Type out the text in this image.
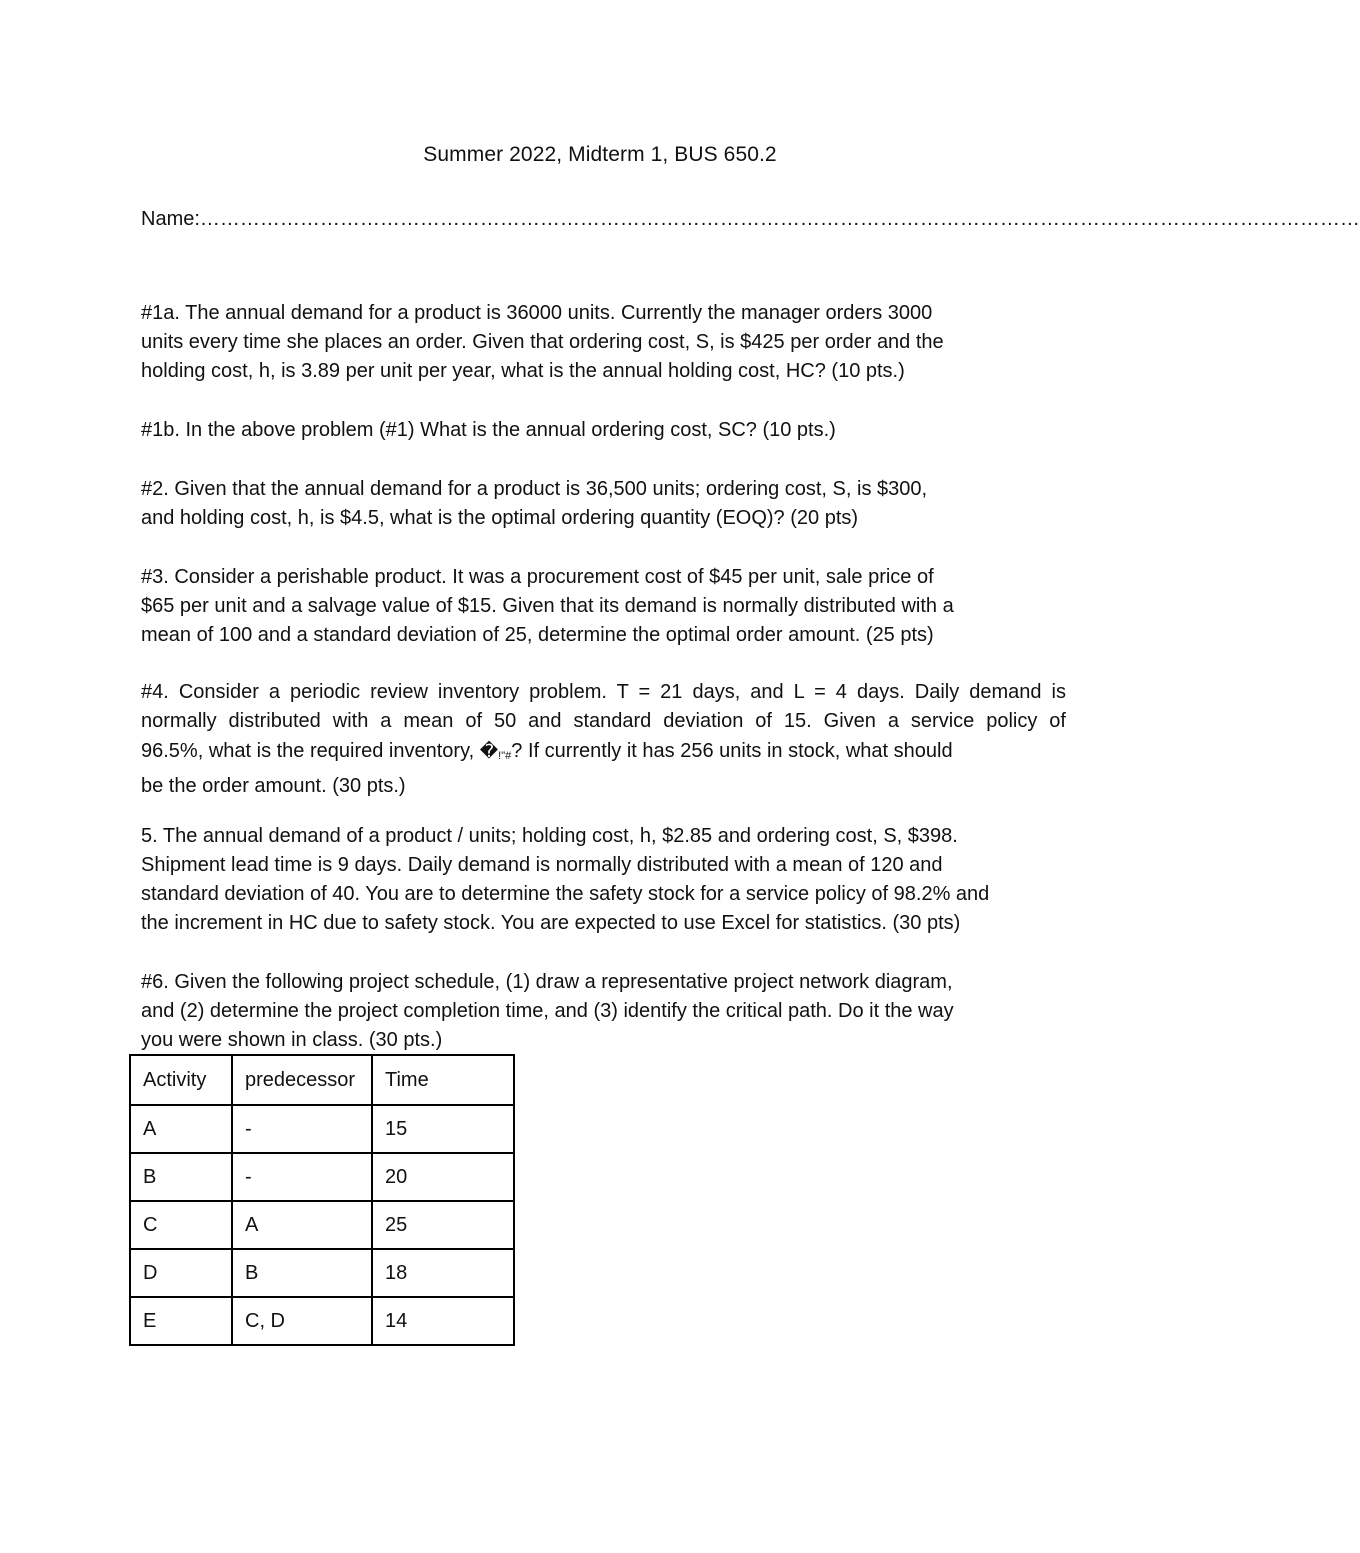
Summer 2022, Midterm 1, BUS 650.2
Name:…………………………………………………………………………………………………………………………………………………………
#1a. The annual demand for a product is 36000 units. Currently the manager orders 3000
units every time she places an order. Given that ordering cost, S, is $425 per order and the
holding cost, h, is 3.89 per unit per year, what is the annual holding cost, HC? (10 pts.)
#1b. In the above problem (#1) What is the annual ordering cost, SC? (10 pts.)
#2. Given that the annual demand for a product is 36,500 units; ordering cost, S, is $300,
and holding cost, h, is $4.5, what is the optimal ordering quantity (EOQ)? (20 pts)
#3. Consider a perishable product. It was a procurement cost of $45 per unit, sale price of
$65 per unit and a salvage value of $15. Given that its demand is normally distributed with a
mean of 100 and a standard deviation of 25, determine the optimal order amount. (25 pts)
#4. Consider a periodic review inventory problem. T = 21 days, and L = 4 days. Daily demand is
normally distributed with a mean of 50 and standard deviation of 15. Given a service policy of
96.5%, what is the required inventory, �!"#? If currently it has 256 units in stock, what should
be the order amount. (30 pts.)
5. The annual demand of a product / units; holding cost, h, $2.85 and ordering cost, S, $398.
Shipment lead time is 9 days. Daily demand is normally distributed with a mean of 120 and
standard deviation of 40. You are to determine the safety stock for a service policy of 98.2% and
the increment in HC due to safety stock. You are expected to use Excel for statistics. (30 pts)
#6. Given the following project schedule, (1) draw a representative project network diagram,
and (2) determine the project completion time, and (3) identify the critical path. Do it the way
you were shown in class. (30 pts.)
Activity	predecessor	Time
A	-	15
B	-	20
C	A	25
D	B	18
E	C, D	14
